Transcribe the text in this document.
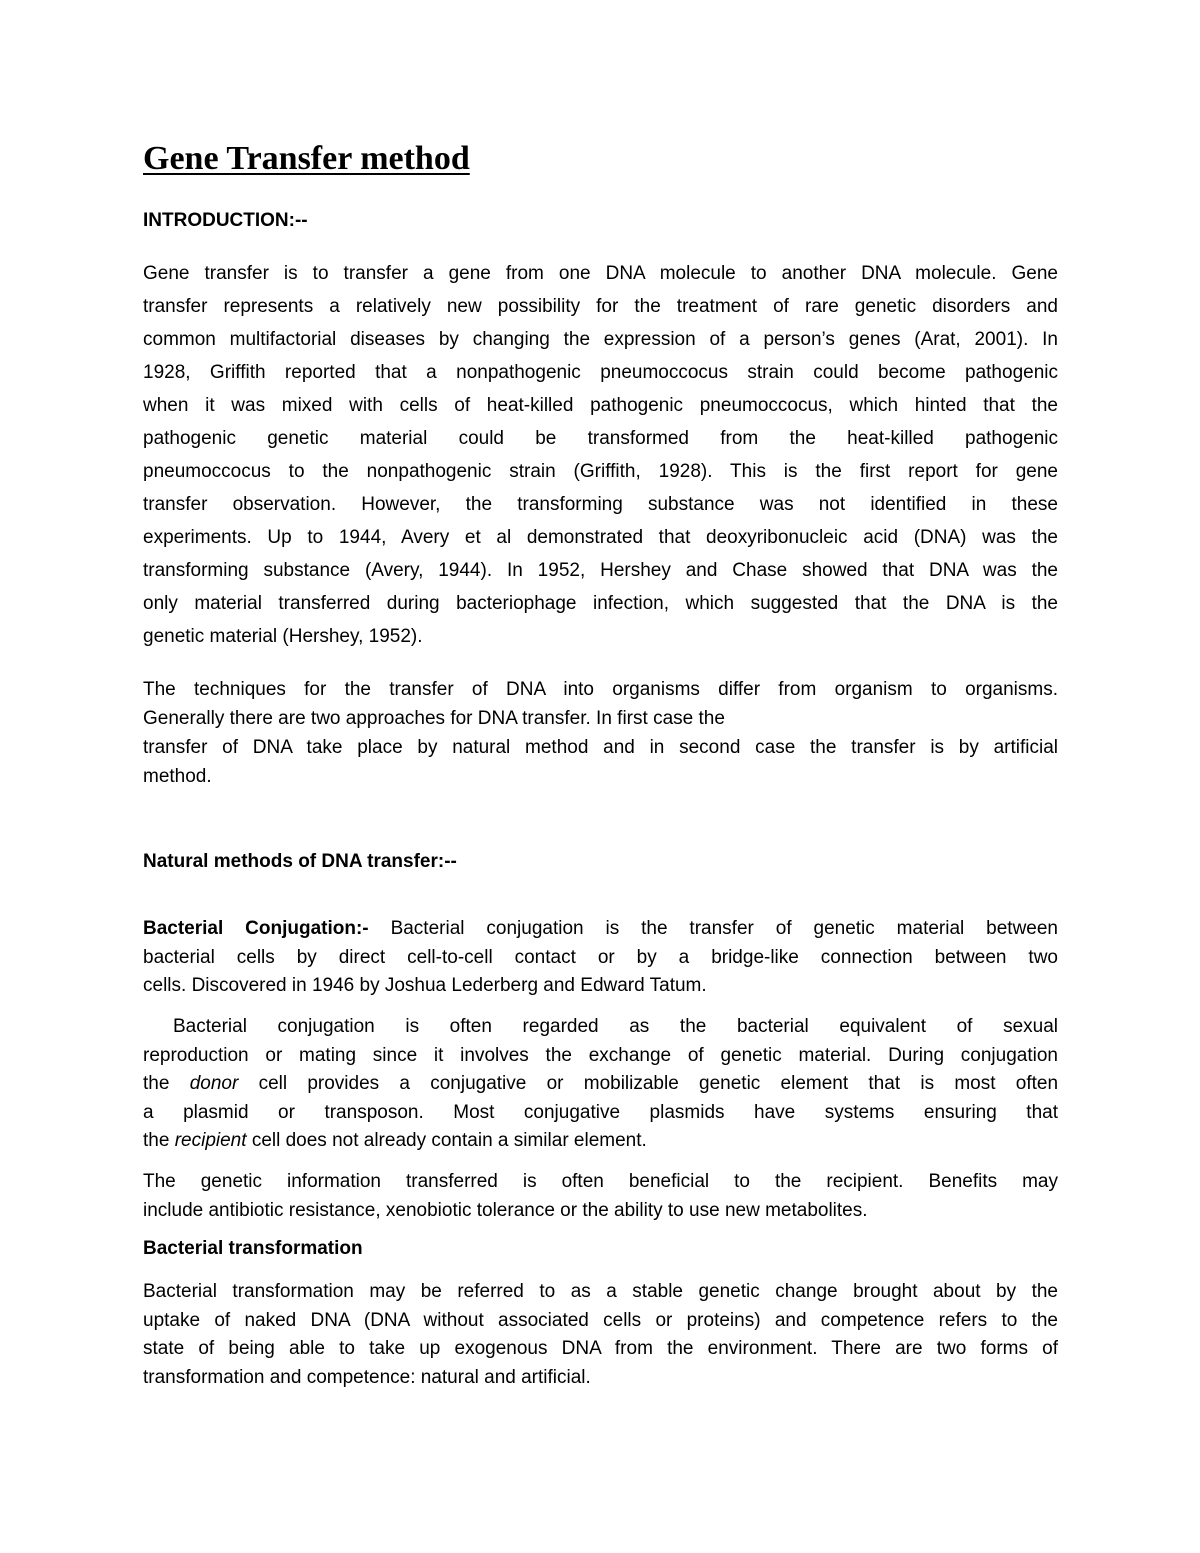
Gene Transfer method

INTRODUCTION:--

Gene transfer is to transfer a gene from one DNA molecule to another DNA molecule. Gene
transfer represents a relatively new possibility for the treatment of rare genetic disorders and
common multifactorial diseases by changing the expression of a person’s genes (Arat, 2001). In
1928, Griffith reported that a nonpathogenic pneumoccocus strain could become pathogenic
when it was mixed with cells of heat-killed pathogenic pneumoccocus, which hinted that the
pathogenic genetic material could be transformed from the heat-killed pathogenic
pneumoccocus to the nonpathogenic strain (Griffith, 1928). This is the first report for gene
transfer observation. However, the transforming substance was not identified in these
experiments. Up to 1944, Avery et al demonstrated that deoxyribonucleic acid (DNA) was the
transforming substance (Avery, 1944). In 1952, Hershey and Chase showed that DNA was the
only material transferred during bacteriophage infection, which suggested that the DNA is the
genetic material (Hershey, 1952).
The techniques for the transfer of DNA into organisms differ from organism to organisms.
Generally there are two approaches for DNA transfer. In first case the
transfer of DNA take place by natural method and in second case the transfer is by artificial
method.

Natural methods of DNA transfer:--

Bacterial Conjugation:- Bacterial conjugation is the transfer of genetic material between
bacterial cells by direct cell-to-cell contact or by a bridge-like connection between two
cells. Discovered in 1946 by Joshua Lederberg and Edward Tatum.
Bacterial conjugation is often regarded as the bacterial equivalent of sexual
reproduction or mating since it involves the exchange of genetic material. During conjugation
the donor cell provides a conjugative or mobilizable genetic element that is most often
a plasmid or transposon. Most conjugative plasmids have systems ensuring that
the recipient cell does not already contain a similar element.
The genetic information transferred is often beneficial to the recipient. Benefits may
include antibiotic resistance, xenobiotic tolerance or the ability to use new metabolites.

Bacterial transformation

Bacterial transformation may be referred to as a stable genetic change brought about by the
uptake of naked DNA (DNA without associated cells or proteins) and competence refers to the
state of being able to take up exogenous DNA from the environment. There are two forms of
transformation and competence: natural and artificial.
